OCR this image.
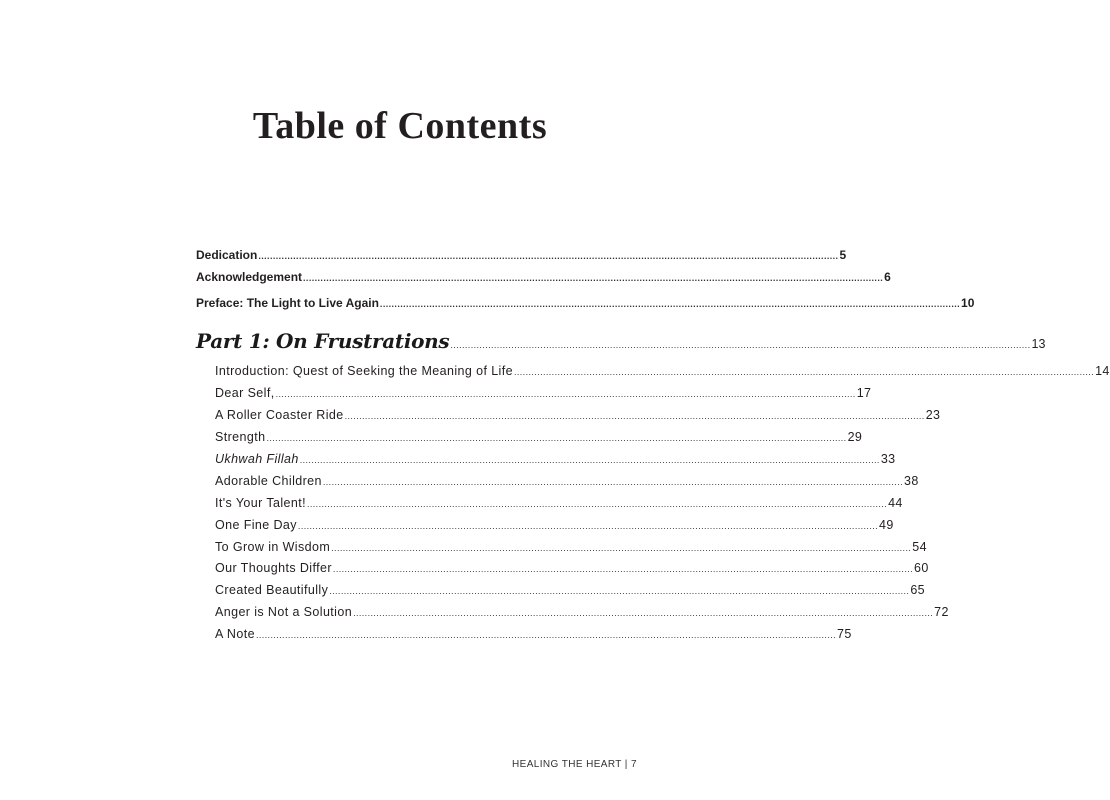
Table of Contents
Dedication ........................................................................................................................................................................................................ 5
Acknowledgement ........................................................................................................................................................................................................ 6
Preface: The Light to Live Again ........................................................................................................................................................................................................ 10
Part 1: On Frustrations ........................................................................................................................................................................................................ 13
Introduction: Quest of Seeking the Meaning of Life ........................................................................................................................................................................................................ 14
Dear Self, ........................................................................................................................................................................................................ 17
A Roller Coaster Ride ........................................................................................................................................................................................................ 23
Strength ........................................................................................................................................................................................................ 29
Ukhwah Fillah ........................................................................................................................................................................................................ 33
Adorable Children ........................................................................................................................................................................................................ 38
It's Your Talent! ........................................................................................................................................................................................................ 44
One Fine Day ........................................................................................................................................................................................................ 49
To Grow in Wisdom ........................................................................................................................................................................................................ 54
Our Thoughts Differ ........................................................................................................................................................................................................ 60
Created Beautifully ........................................................................................................................................................................................................ 65
Anger is Not a Solution ........................................................................................................................................................................................................ 72
A Note ........................................................................................................................................................................................................ 75
HEALING THE HEART | 7
